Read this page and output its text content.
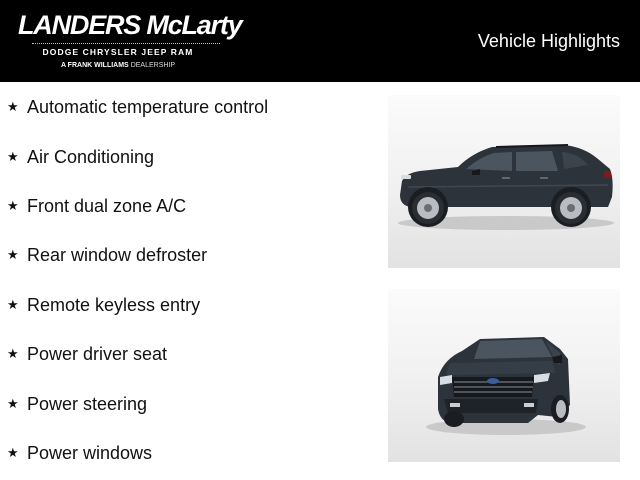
LANDERS McLarty
DODGE CHRYSLER JEEP RAM
A FRANK WILLIAMS DEALERSHIP
Vehicle Highlights
★ Automatic temperature control
★ Air Conditioning
★ Front dual zone A/C
★ Rear window defroster
★ Remote keyless entry
★ Power driver seat
★ Power steering
★ Power windows
